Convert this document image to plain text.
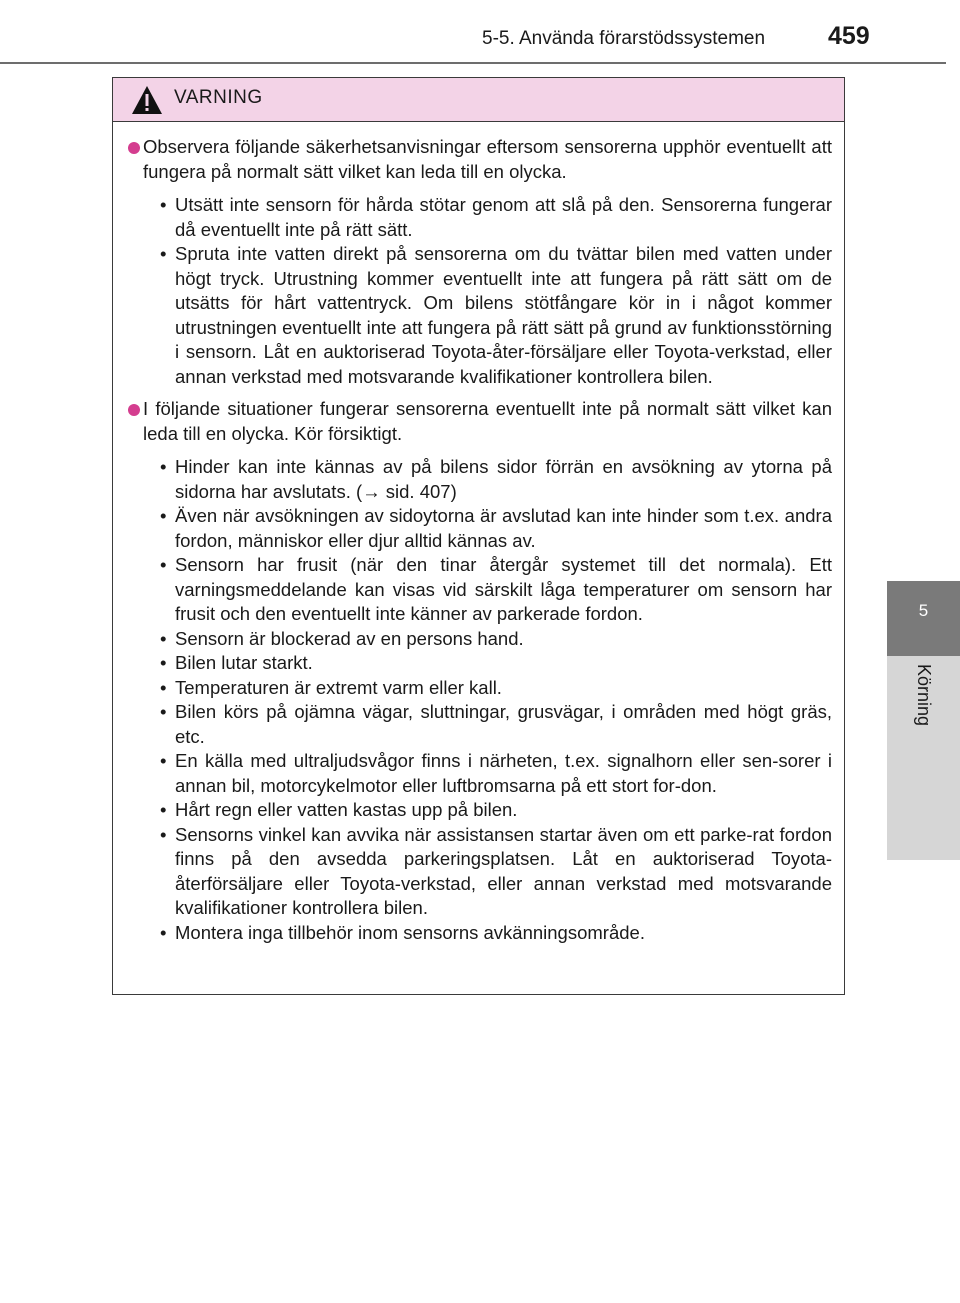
5-5. Använda förarstödssystemen	459
5
Körning
VARNING

Observera följande säkerhetsanvisningar eftersom sensorerna upphör eventuellt att fungera på normalt sätt vilket kan leda till en olycka.

• Utsätt inte sensorn för hårda stötar genom att slå på den. Sensorerna fungerar då eventuellt inte på rätt sätt.
• Spruta inte vatten direkt på sensorerna om du tvättar bilen med vatten under högt tryck. Utrustning kommer eventuellt inte att fungera på rätt sätt om de utsätts för hårt vattentryck. Om bilens stötfångare kör in i något kommer utrustningen eventuellt inte att fungera på rätt sätt på grund av funktionsstörning i sensorn. Låt en auktoriserad Toyota-åter-försäljare eller Toyota-verkstad, eller annan verkstad med motsvarande kvalifikationer kontrollera bilen.

I följande situationer fungerar sensorerna eventuellt inte på normalt sätt vilket kan leda till en olycka. Kör försiktigt.

• Hinder kan inte kännas av på bilens sidor förrän en avsökning av ytorna på sidorna har avslutats. (→ sid. 407)
• Även när avsökningen av sidoytorna är avslutad kan inte hinder som t.ex. andra fordon, människor eller djur alltid kännas av.
• Sensorn har frusit (när den tinar återgår systemet till det normala). Ett varningsmeddelande kan visas vid särskilt låga temperaturer om sensorn har frusit och den eventuellt inte känner av parkerade fordon.
• Sensorn är blockerad av en persons hand.
• Bilen lutar starkt.
• Temperaturen är extremt varm eller kall.
• Bilen körs på ojämna vägar, sluttningar, grusvägar, i områden med högt gräs, etc.
• En källa med ultraljudsvågor finns i närheten, t.ex. signalhorn eller sen-sorer i annan bil, motorcykelmotor eller luftbromsarna på ett stort for-don.
• Hårt regn eller vatten kastas upp på bilen.
• Sensorns vinkel kan avvika när assistansen startar även om ett parke-rat fordon finns på den avsedda parkeringsplatsen. Låt en auktoriserad Toyota-återförsäljare eller Toyota-verkstad, eller annan verkstad med motsvarande kvalifikationer kontrollera bilen.
• Montera inga tillbehör inom sensorns avkänningsområde.
